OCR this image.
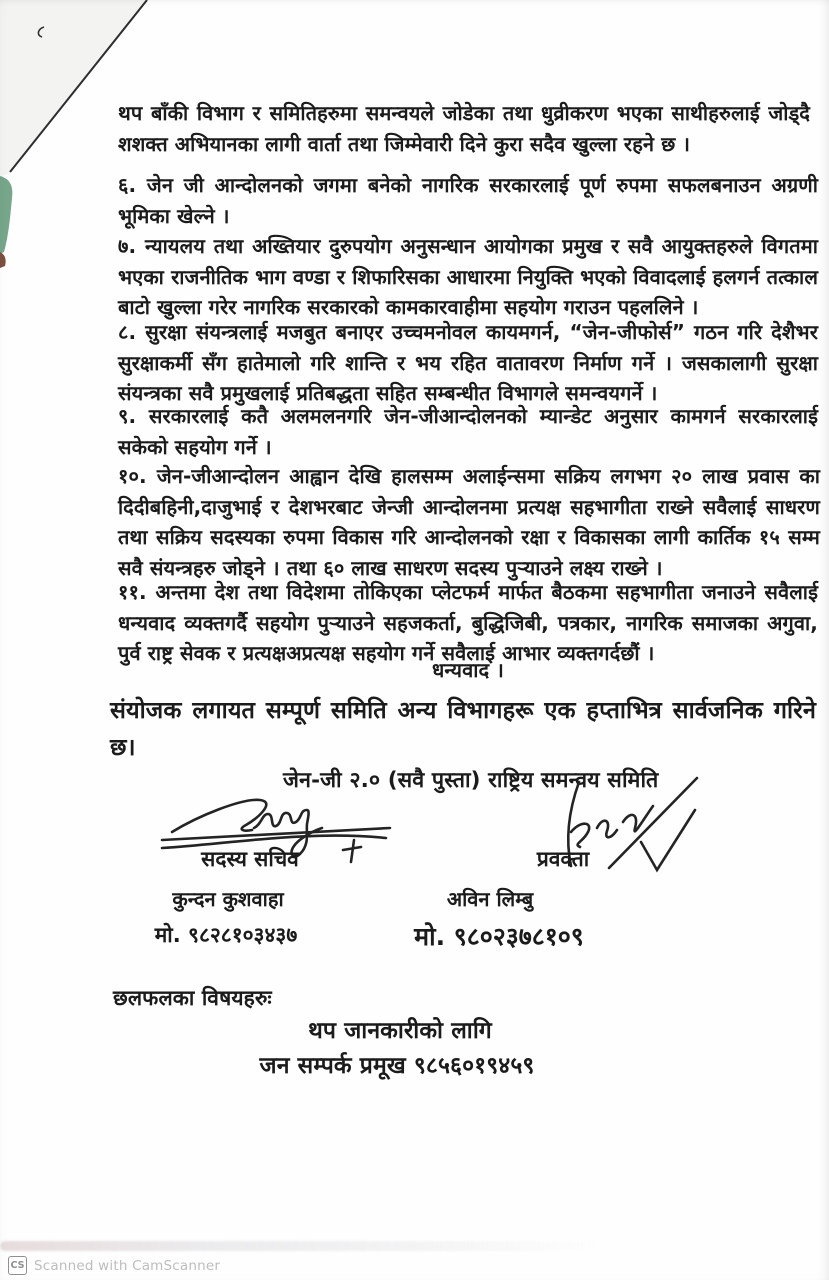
थप बाँकी विभाग र समितिहरुमा समन्वयले जोडेका तथा धुव्रीकरण भएका साथीहरुलाई जोड्दै शशक्त अभियानका लागी वार्ता तथा जिम्मेवारी दिने कुरा सदैव खुल्ला रहने छ ।
६. जेन जी आन्दोलनको जगमा बनेको नागरिक सरकारलाई पूर्ण रुपमा सफलबनाउन अग्रणी भूमिका खेल्ने ।
७. न्यायलय तथा अख्तियार दुरुपयोग अनुसन्धान आयोगका प्रमुख र सवै आयुक्तहरुले विगतमा भएका राजनीतिक भाग वण्डा र शिफारिसका आधारमा नियुक्ति भएको विवादलाई हलगर्न तत्काल बाटो खुल्ला गरेर नागरिक सरकारको कामकारवाहीमा सहयोग गराउन पहललिने ।
८. सुरक्षा संयन्त्रलाई मजबुत बनाएर उच्चमनोवल कायमगर्न, “जेन-जीफोर्स” गठन गरि देशैभर सुरक्षाकर्मी सँग हातेमालो गरि शान्ति र भय रहित वातावरण निर्माण गर्ने । जसकालागी सुरक्षा संयन्त्रका सवै प्रमुखलाई प्रतिबद्धता सहित सम्बन्धीत विभागले समन्वयगर्ने ।
९. सरकारलाई कतै अलमलनगरि जेन-जीआन्दोलनको म्यान्डेट अनुसार कामगर्न सरकारलाई सकेको सहयोग गर्ने ।
१०. जेन-जीआन्दोलन आह्वान देखि हालसम्म अलाईन्समा सक्रिय लगभग २० लाख प्रवास का दिदीबहिनी,दाजुभाई र देशभरबाट जेन्जी आन्दोलनमा प्रत्यक्ष सहभागीता राख्ने सवैलाई साधरण तथा सक्रिय सदस्यका रुपमा विकास गरि आन्दोलनको रक्षा र विकासका लागी कार्तिक १५ सम्म सवै संयन्त्रहरु जोड्ने । तथा ६० लाख साधरण सदस्य पुऱ्याउने लक्ष्य राख्ने ।
११. अन्तमा देश तथा विदेशमा तोकिएका प्लेटफर्म मार्फत बैठकमा सहभागीता जनाउने सवैलाई धन्यवाद व्यक्तगर्दै सहयोग पुऱ्याउने सहजकर्ता, बुद्धिजिबी, पत्रकार, नागरिक समाजका अगुवा, पुर्व राष्ट्र सेवक र प्रत्यक्षअप्रत्यक्ष सहयोग गर्ने सवैलाई आभार व्यक्तगर्दछौं ।
धन्यवाद ।
संयोजक लगायत सम्पूर्ण समिति अन्य विभागहरू एक हप्ताभित्र सार्वजनिक गरिने छ।
जेन-जी २.० (सवै पुस्ता) राष्ट्रिय समन्वय समिति
सदस्य सचिव	प्रवक्ता
कुन्दन कुशवाहा	अविन लिम्बु
मो. ९८२८१०३४३७	मो. ९८०२३७८१०९
छलफलका विषयहरुः
थप जानकारीको लागि
जन सम्पर्क प्रमूख ९८५६०१९४५९
CS Scanned with CamScanner
